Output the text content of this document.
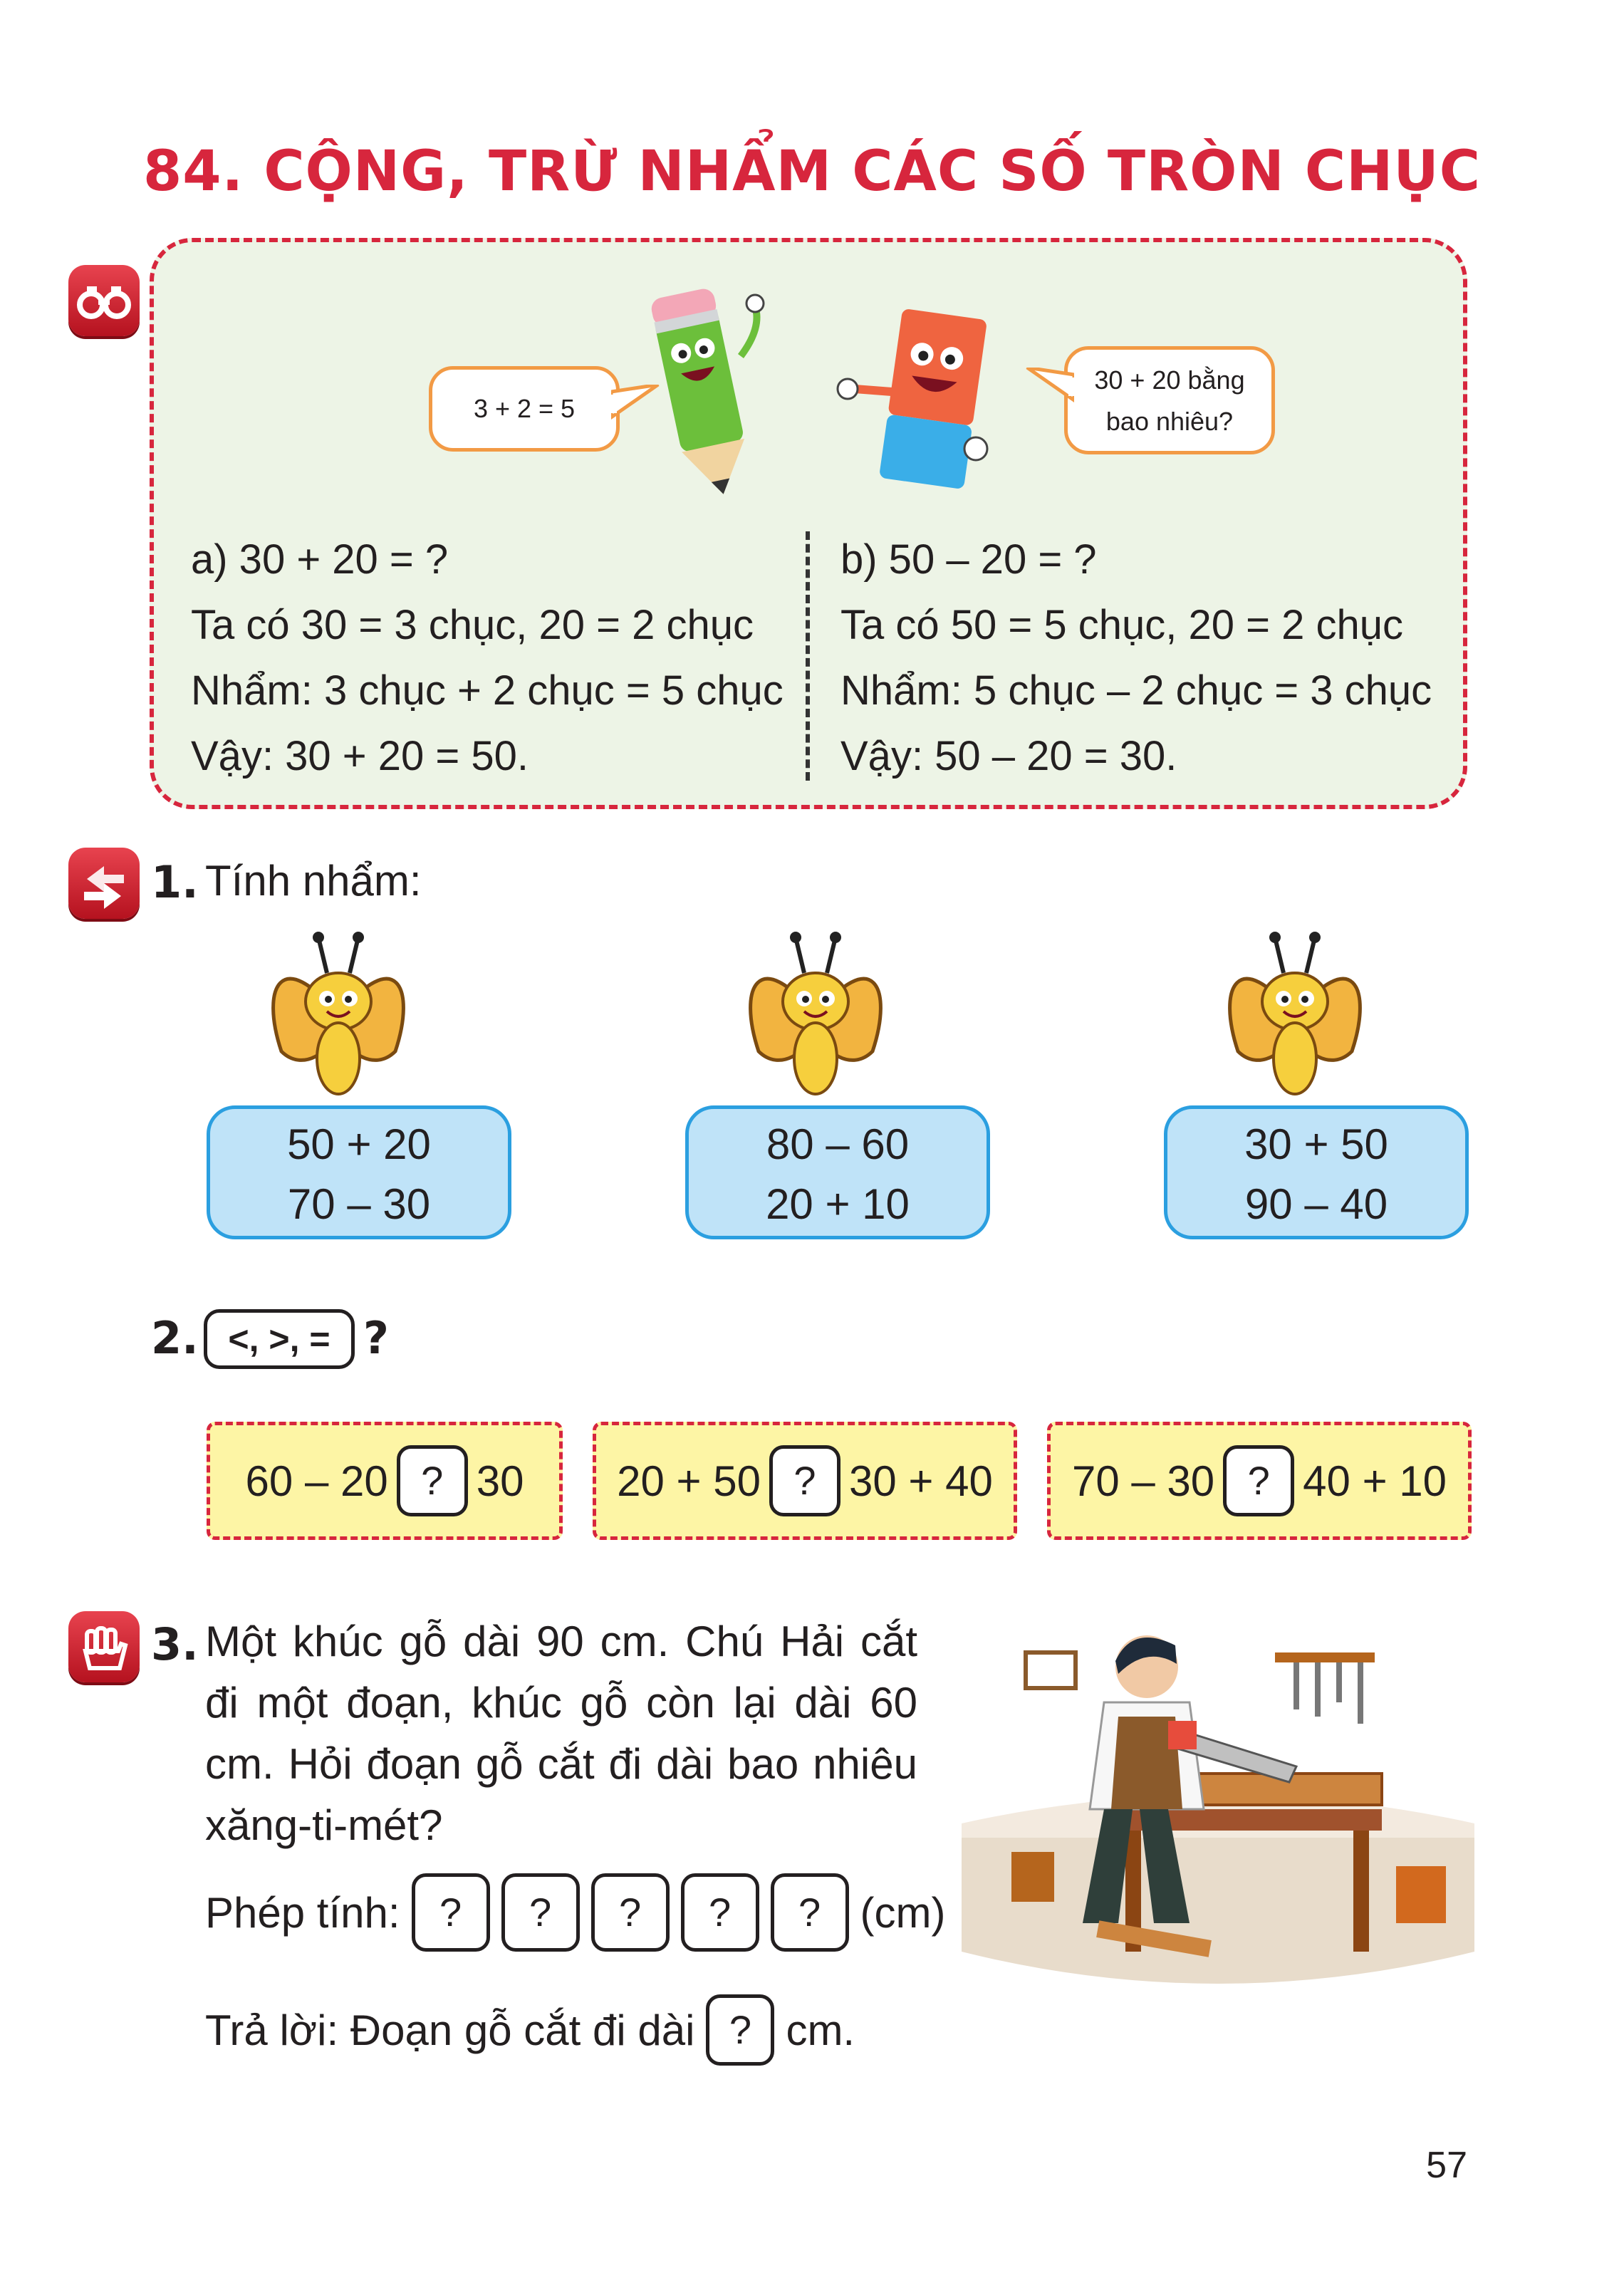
84. CỘNG, TRỪ NHẨM CÁC SỐ TRÒN CHỤC
3 + 2 = 5
30 + 20 bằng
bao nhiêu?
a) 30 + 20 = ?
Ta có 30 = 3 chục, 20 = 2 chục
Nhẩm: 3 chục + 2 chục = 5 chục
Vậy: 30 + 20 = 50.
b) 50 – 20 = ?
Ta có 50 = 5 chục, 20 = 2 chục
Nhẩm: 5 chục – 2 chục = 3 chục
Vậy: 50 – 20 = 30.
1. Tính nhẩm:
50 + 20
70 – 30
80 – 60
20 + 10
30 + 50
90 – 40
2. <, >, = ?
60 – 20 ? 30 20 + 50 ? 30 + 40 70 – 30 ? 40 + 10
3. Một khúc gỗ dài 90 cm. Chú Hải cắt đi một đoạn, khúc gỗ còn lại dài 60 cm. Hỏi đoạn gỗ cắt đi dài bao nhiêu xăng-ti-mét?
Phép tính: ?	?	?	?	? (cm)
Trả lời: Đoạn gỗ cắt đi dài ? cm.
57
